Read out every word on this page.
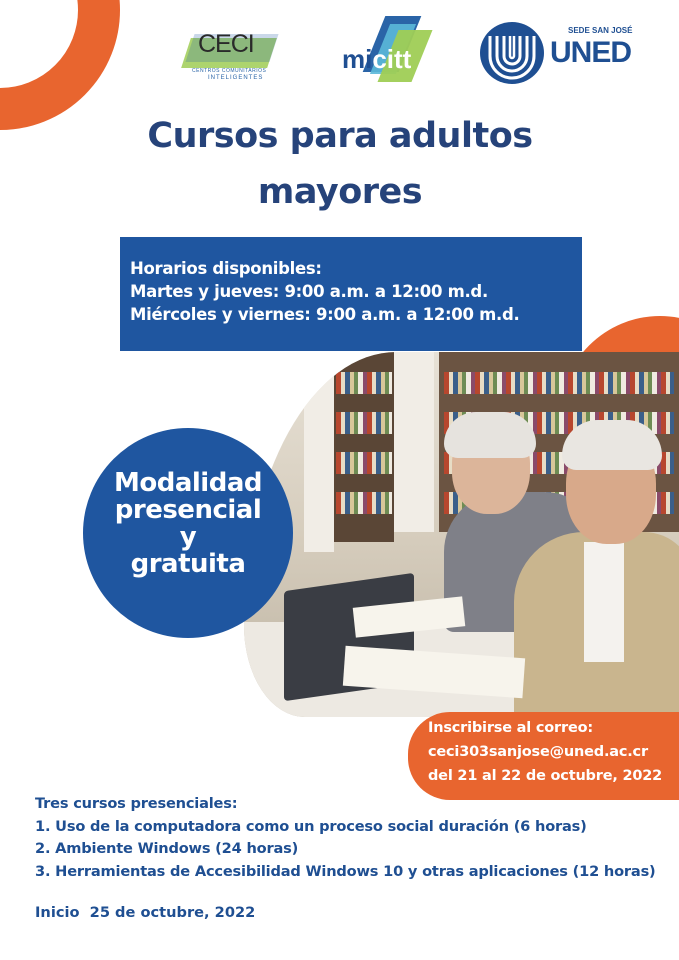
CECI
CENTROS COMUNITARIOS
INTELIGENTES
micitt
SEDE SAN JOSÉ
UNED
Cursos para adultos
mayores
Horarios disponibles:
Martes y jueves: 9:00 a.m. a 12:00 m.d.
Miércoles y viernes: 9:00 a.m. a 12:00 m.d.
Modalidad
presencial
y
gratuita
Inscribirse al correo:
ceci303sanjose@uned.ac.cr
del 21 al 22 de octubre, 2022
Tres cursos presenciales:
1. Uso de la computadora como un proceso social duración (6 horas)
2. Ambiente Windows (24 horas)
3. Herramientas de Accesibilidad Windows 10 y otras aplicaciones (12 horas)
Inicio  25 de octubre, 2022
